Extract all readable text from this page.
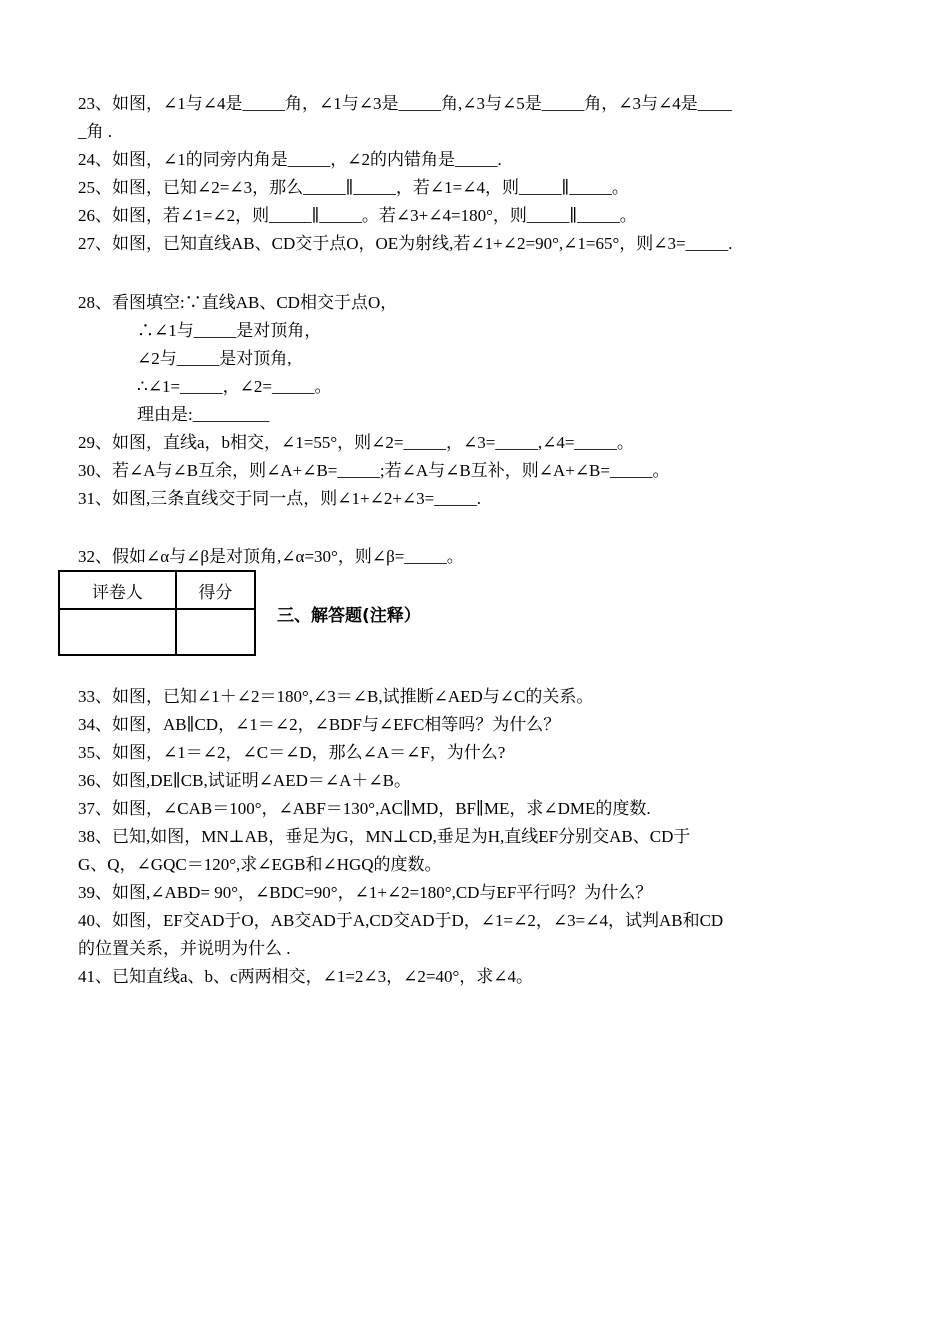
23、如图，∠1与∠4是_____角，∠1与∠3是_____角,∠3与∠5是_____角，∠3与∠4是____
_角 .
24、如图，∠1的同旁内角是_____，∠2的内错角是_____.
25、如图，已知∠2=∠3，那么_____∥_____，若∠1=∠4，则_____∥_____。
26、如图，若∠1=∠2，则_____∥_____。若∠3+∠4=180°，则_____∥_____。
27、如图，已知直线AB、CD交于点O，OE为射线,若∠1+∠2=90°,∠1=65°，则∠3=_____.
28、看图填空:∵直线AB、CD相交于点O，
∴∠1与_____是对顶角，
∠2与_____是对顶角,
∴∠1=_____，∠2=_____。
理由是:_________
29、如图，直线a，b相交，∠1=55°，则∠2=_____，∠3=_____,∠4=_____。
30、若∠A与∠B互余，则∠A+∠B=_____;若∠A与∠B互补，则∠A+∠B=_____。
31、如图,三条直线交于同一点，则∠1+∠2+∠3=_____.
32、假如∠α与∠β是对顶角,∠α=30°，则∠β=_____。
评卷人	得分

三、解答题(注释）
33、如图，已知∠1＋∠2＝180°,∠3＝∠B,试推断∠AED与∠C的关系。
34、如图，AB∥CD，∠1＝∠2，∠BDF与∠EFC相等吗？为什么？
35、如图，∠1＝∠2，∠C＝∠D，那么∠A＝∠F，为什么?
36、如图,DE∥CB,试证明∠AED＝∠A＋∠B。
37、如图，∠CAB＝100°，∠ABF＝130°,AC∥MD，BF∥ME，求∠DME的度数.
38、已知,如图，MN⊥AB，垂足为G，MN⊥CD,垂足为H,直线EF分别交AB、CD于
G、Q，∠GQC＝120°,求∠EGB和∠HGQ的度数。
39、如图,∠ABD= 90°，∠BDC=90°，∠1+∠2=180°,CD与EF平行吗？为什么？
40、如图，EF交AD于O，AB交AD于A,CD交AD于D，∠1=∠2，∠3=∠4，试判AB和CD
的位置关系，并说明为什么 .
41、已知直线a、b、c两两相交，∠1=2∠3，∠2=40°，求∠4。
